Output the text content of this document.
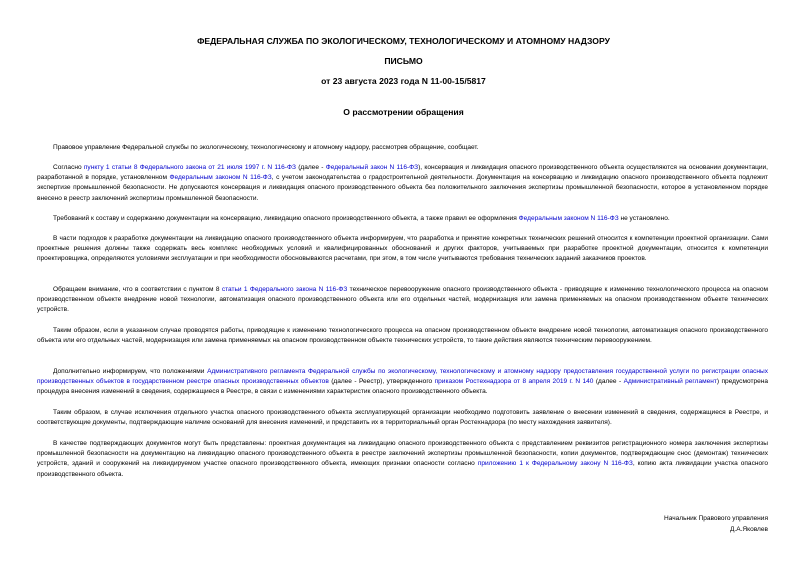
ФЕДЕРАЛЬНАЯ СЛУЖБА ПО ЭКОЛОГИЧЕСКОМУ, ТЕХНОЛОГИЧЕСКОМУ И АТОМНОМУ НАДЗОРУ
ПИСЬМО
от 23 августа 2023 года N 11-00-15/5817
О рассмотрении обращения

Правовое управление Федеральной службы по экологическому, технологическому и атомному надзору, рассмотрев обращение, сообщает.

Согласно пункту 1 статьи 8 Федерального закона от 21 июля 1997 г. N 116-ФЗ (далее - Федеральный закон N 116-ФЗ), консервация и ликвидация опасного производственного объекта осуществляются на основании документации, разработанной в порядке, установленном Федеральным законом N 116-ФЗ, с учетом законодательства о градостроительной деятельности. Документация на консервацию и ликвидацию опасного производственного объекта подлежит экспертизе промышленной безопасности. Не допускаются консервация и ликвидация опасного производственного объекта без положительного заключения экспертизы промышленной безопасности, которое в установленном порядке внесено в реестр заключений экспертизы промышленной безопасности.

Требований к составу и содержанию документации на консервацию, ликвидацию опасного производственного объекта, а также правил ее оформления Федеральным законом N 116-ФЗ не установлено.

В части подходов к разработке документации на ликвидацию опасного производственного объекта информируем, что разработка и принятие конкретных технических решений относится к компетенции проектной организации. Сами проектные решения должны также содержать весь комплекс необходимых условий и квалифицированных обоснований и других факторов, учитываемых при разработке проектной документации, относится к компетенции проектировщика, определяются условиями эксплуатации и при необходимости обосновываются расчетами, при этом, в том числе учитываются требования технических заданий заказчиков проектов.

Обращаем внимание, что в соответствии с пунктом 8 статьи 1 Федерального закона N 116-ФЗ техническое перевооружение опасного производственного объекта - приводящие к изменению технологического процесса на опасном производственном объекте внедрение новой технологии, автоматизация опасного производственного объекта или его отдельных частей, модернизация или замена применяемых на опасном производственном объекте технических устройств.

Таким образом, если в указанном случае проводятся работы, приводящие к изменению технологического процесса на опасном производственном объекте внедрение новой технологии, автоматизация опасного производственного объекта или его отдельных частей, модернизация или замена применяемых на опасном производственном объекте технических устройств, то такие действия являются техническим перевооружением.

Дополнительно информируем, что положениями Административного регламента Федеральной службы по экологическому, технологическому и атомному надзору предоставления государственной услуги по регистрации опасных производственных объектов в государственном реестре опасных производственных объектов (далее - Реестр), утвержденного приказом Ростехнадзора от 8 апреля 2019 г. N 140 (далее - Административный регламент) предусмотрена процедура внесения изменений в сведения, содержащиеся в Реестре, в связи с изменениями характеристик опасного производственного объекта.

Таким образом, в случае исключения отдельного участка опасного производственного объекта эксплуатирующей организации необходимо подготовить заявление о внесении изменений в сведения, содержащиеся в Реестре, и соответствующие документы, подтверждающие наличие оснований для внесения изменений, и представить их в территориальный орган Ростехнадзора (по месту нахождения заявителя).

В качестве подтверждающих документов могут быть представлены: проектная документация на ликвидацию опасного производственного объекта с представлением реквизитов регистрационного номера заключения экспертизы промышленной безопасности на документацию на ликвидацию опасного производственного объекта в реестре заключений экспертизы промышленной безопасности, копии документов, подтверждающие снос (демонтаж) технических устройств, зданий и сооружений на ликвидируемом участке опасного производственного объекта, имеющих признаки опасности согласно приложению 1 к Федеральному закону N 116-ФЗ, копию акта ликвидации участка опасного производственного объекта.

Начальник Правового управления
Д.А.Яковлев
